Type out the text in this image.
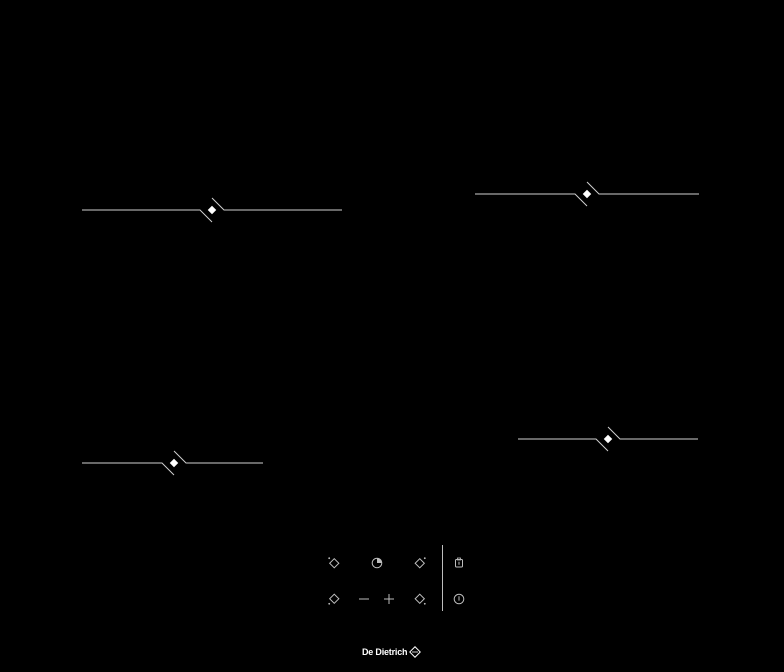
De Dietrich
